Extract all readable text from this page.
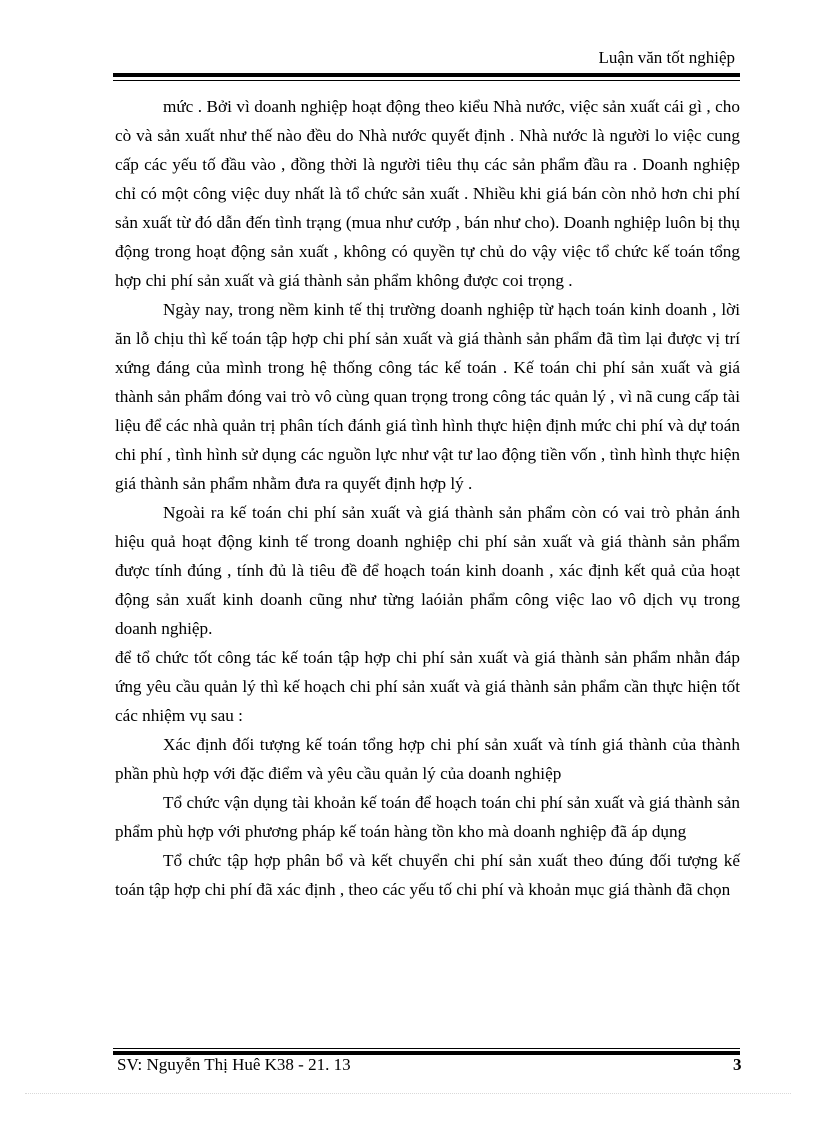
Luận văn tốt nghiệp

mức . Bởi vì doanh nghiệp hoạt động theo kiểu Nhà nước, việc sản xuất cái gì , cho cò và sản xuất như thế nào đều do Nhà nước quyết định . Nhà nước là người lo việc cung cấp các yếu tố đầu vào , đồng thời là người tiêu thụ các sản phẩm đầu ra . Doanh nghiệp chỉ có một công việc duy nhất là tổ chức sản xuất . Nhiều khi giá bán còn nhỏ hơn chi phí sản xuất từ đó dẫn đến tình trạng (mua như cướp , bán như cho). Doanh nghiệp luôn bị thụ động trong hoạt động sản xuất , không có quyền tự chủ do vậy việc tổ chức kế toán tổng hợp chi phí sản xuất và giá thành sản phẩm không được coi trọng .

Ngày nay, trong nềm kinh tế thị trường doanh nghiệp từ hạch toán kinh doanh , lời ăn lỗ chịu thì kế toán tập hợp chi phí sản xuất và giá thành sản phẩm đã tìm lại được vị trí xứng đáng của mình trong hệ thống công tác kế toán . Kế toán chi phí sản xuất và giá thành sản phẩm đóng vai trò vô cùng quan trọng trong công tác quản lý , vì nã cung cấp tài liệu để các nhà quản trị phân tích đánh giá tình hình thực hiện định mức chi phí và dự toán chi phí , tình hình sử dụng các nguồn lực như vật tư lao động tiền vốn , tình hình thực hiện giá thành sản phẩm nhằm đưa ra quyết định hợp lý .

Ngoài ra kế toán chi phí sản xuất và giá thành sản phẩm còn có vai trò phản ánh hiệu quả hoạt động kinh tế trong doanh nghiệp chi phí sản xuất và giá thành sản phẩm được tính đúng , tính đủ là tiêu đề để hoạch toán kinh doanh , xác định kết quả của hoạt động sản xuất kinh doanh cũng như từng laóiản phẩm công việc lao vô dịch vụ trong doanh nghiệp.

để tổ chức tốt công tác kế toán tập hợp chi phí sản xuất và giá thành sản phẩm nhằn đáp ứng yêu cầu quản lý thì kế hoạch chi phí sản xuất và giá thành sản phẩm cần thực hiện tốt các nhiệm vụ sau :

Xác định đối tượng kế toán tổng hợp chi phí sản xuất và tính giá thành của thành phần phù hợp với đặc điểm và yêu cầu quản lý của doanh nghiệp

Tổ chức vận dụng tài khoản kế toán để hoạch toán chi phí sản xuất và giá thành sản phẩm phù hợp với phương pháp kế toán hàng tồn kho mà doanh nghiệp đã áp dụng

Tổ chức tập hợp phân bổ và kết chuyển chi phí sản xuất theo đúng đối tượng kế toán tập hợp chi phí đã xác định , theo các yếu tố chi phí và khoản mục giá thành đã chọn

SV: Nguyễn Thị Huê K38 - 21. 13	3
